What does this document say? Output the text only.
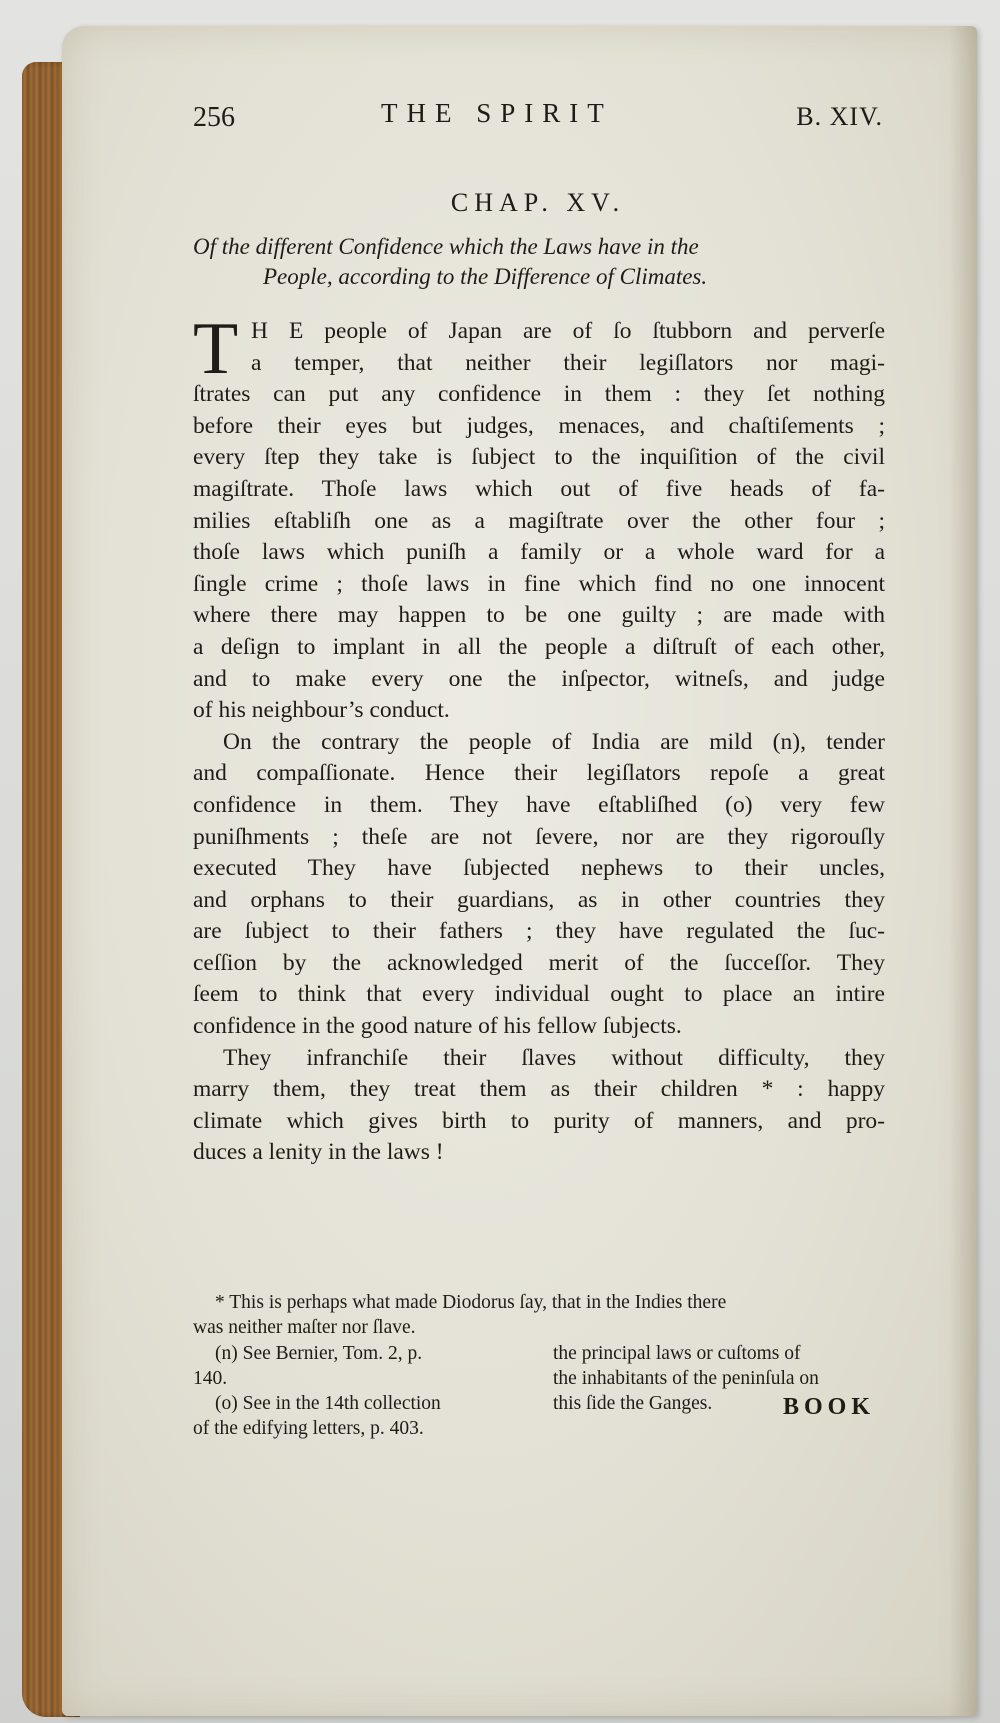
256	THE SPIRIT	B. XIV.
CHAP. XV.
Of the different Confidence which the Laws have in the
People, according to the Difference of Climates.
T H E people of Japan are of ſo ſtubborn and perverſe
a temper, that neither their legiſlators nor magi-
ſtrates can put any confidence in them : they ſet nothing
before their eyes but judges, menaces, and chaſtiſements ;
every ſtep they take is ſubject to the inquiſition of the civil
magiſtrate. Thoſe laws which out of five heads of fa-
milies eſtabliſh one as a magiſtrate over the other four ;
thoſe laws which puniſh a family or a whole ward for a
ſingle crime ; thoſe laws in fine which find no one innocent
where there may happen to be one guilty ; are made with
a deſign to implant in all the people a diſtruſt of each other,
and to make every one the inſpector, witneſs, and judge
of his neighbour’s conduct.
On the contrary the people of India are mild (n), tender
and compaſſionate. Hence their legiſlators repoſe a great
confidence in them. They have eſtabliſhed (o) very few
puniſhments ; theſe are not ſevere, nor are they rigorouſly
executed They have ſubjected nephews to their uncles,
and orphans to their guardians, as in other countries they
are ſubject to their fathers ; they have regulated the ſuc-
ceſſion by the acknowledged merit of the ſucceſſor. They
ſeem to think that every individual ought to place an intire
confidence in the good nature of his fellow ſubjects.
They infranchiſe their ſlaves without difficulty, they
marry them, they treat them as their children * : happy
climate which gives birth to purity of manners, and pro-
duces a lenity in the laws !
* This is perhaps what made Diodorus ſay, that in the Indies there
was neither maſter nor ſlave.
(n) See Bernier, Tom. 2, p.
140.
(o) See in the 14th collection
of the edifying letters, p. 403.
the principal laws or cuſtoms of
the inhabitants of the peninſula on
this ſide the Ganges.	BOOK
